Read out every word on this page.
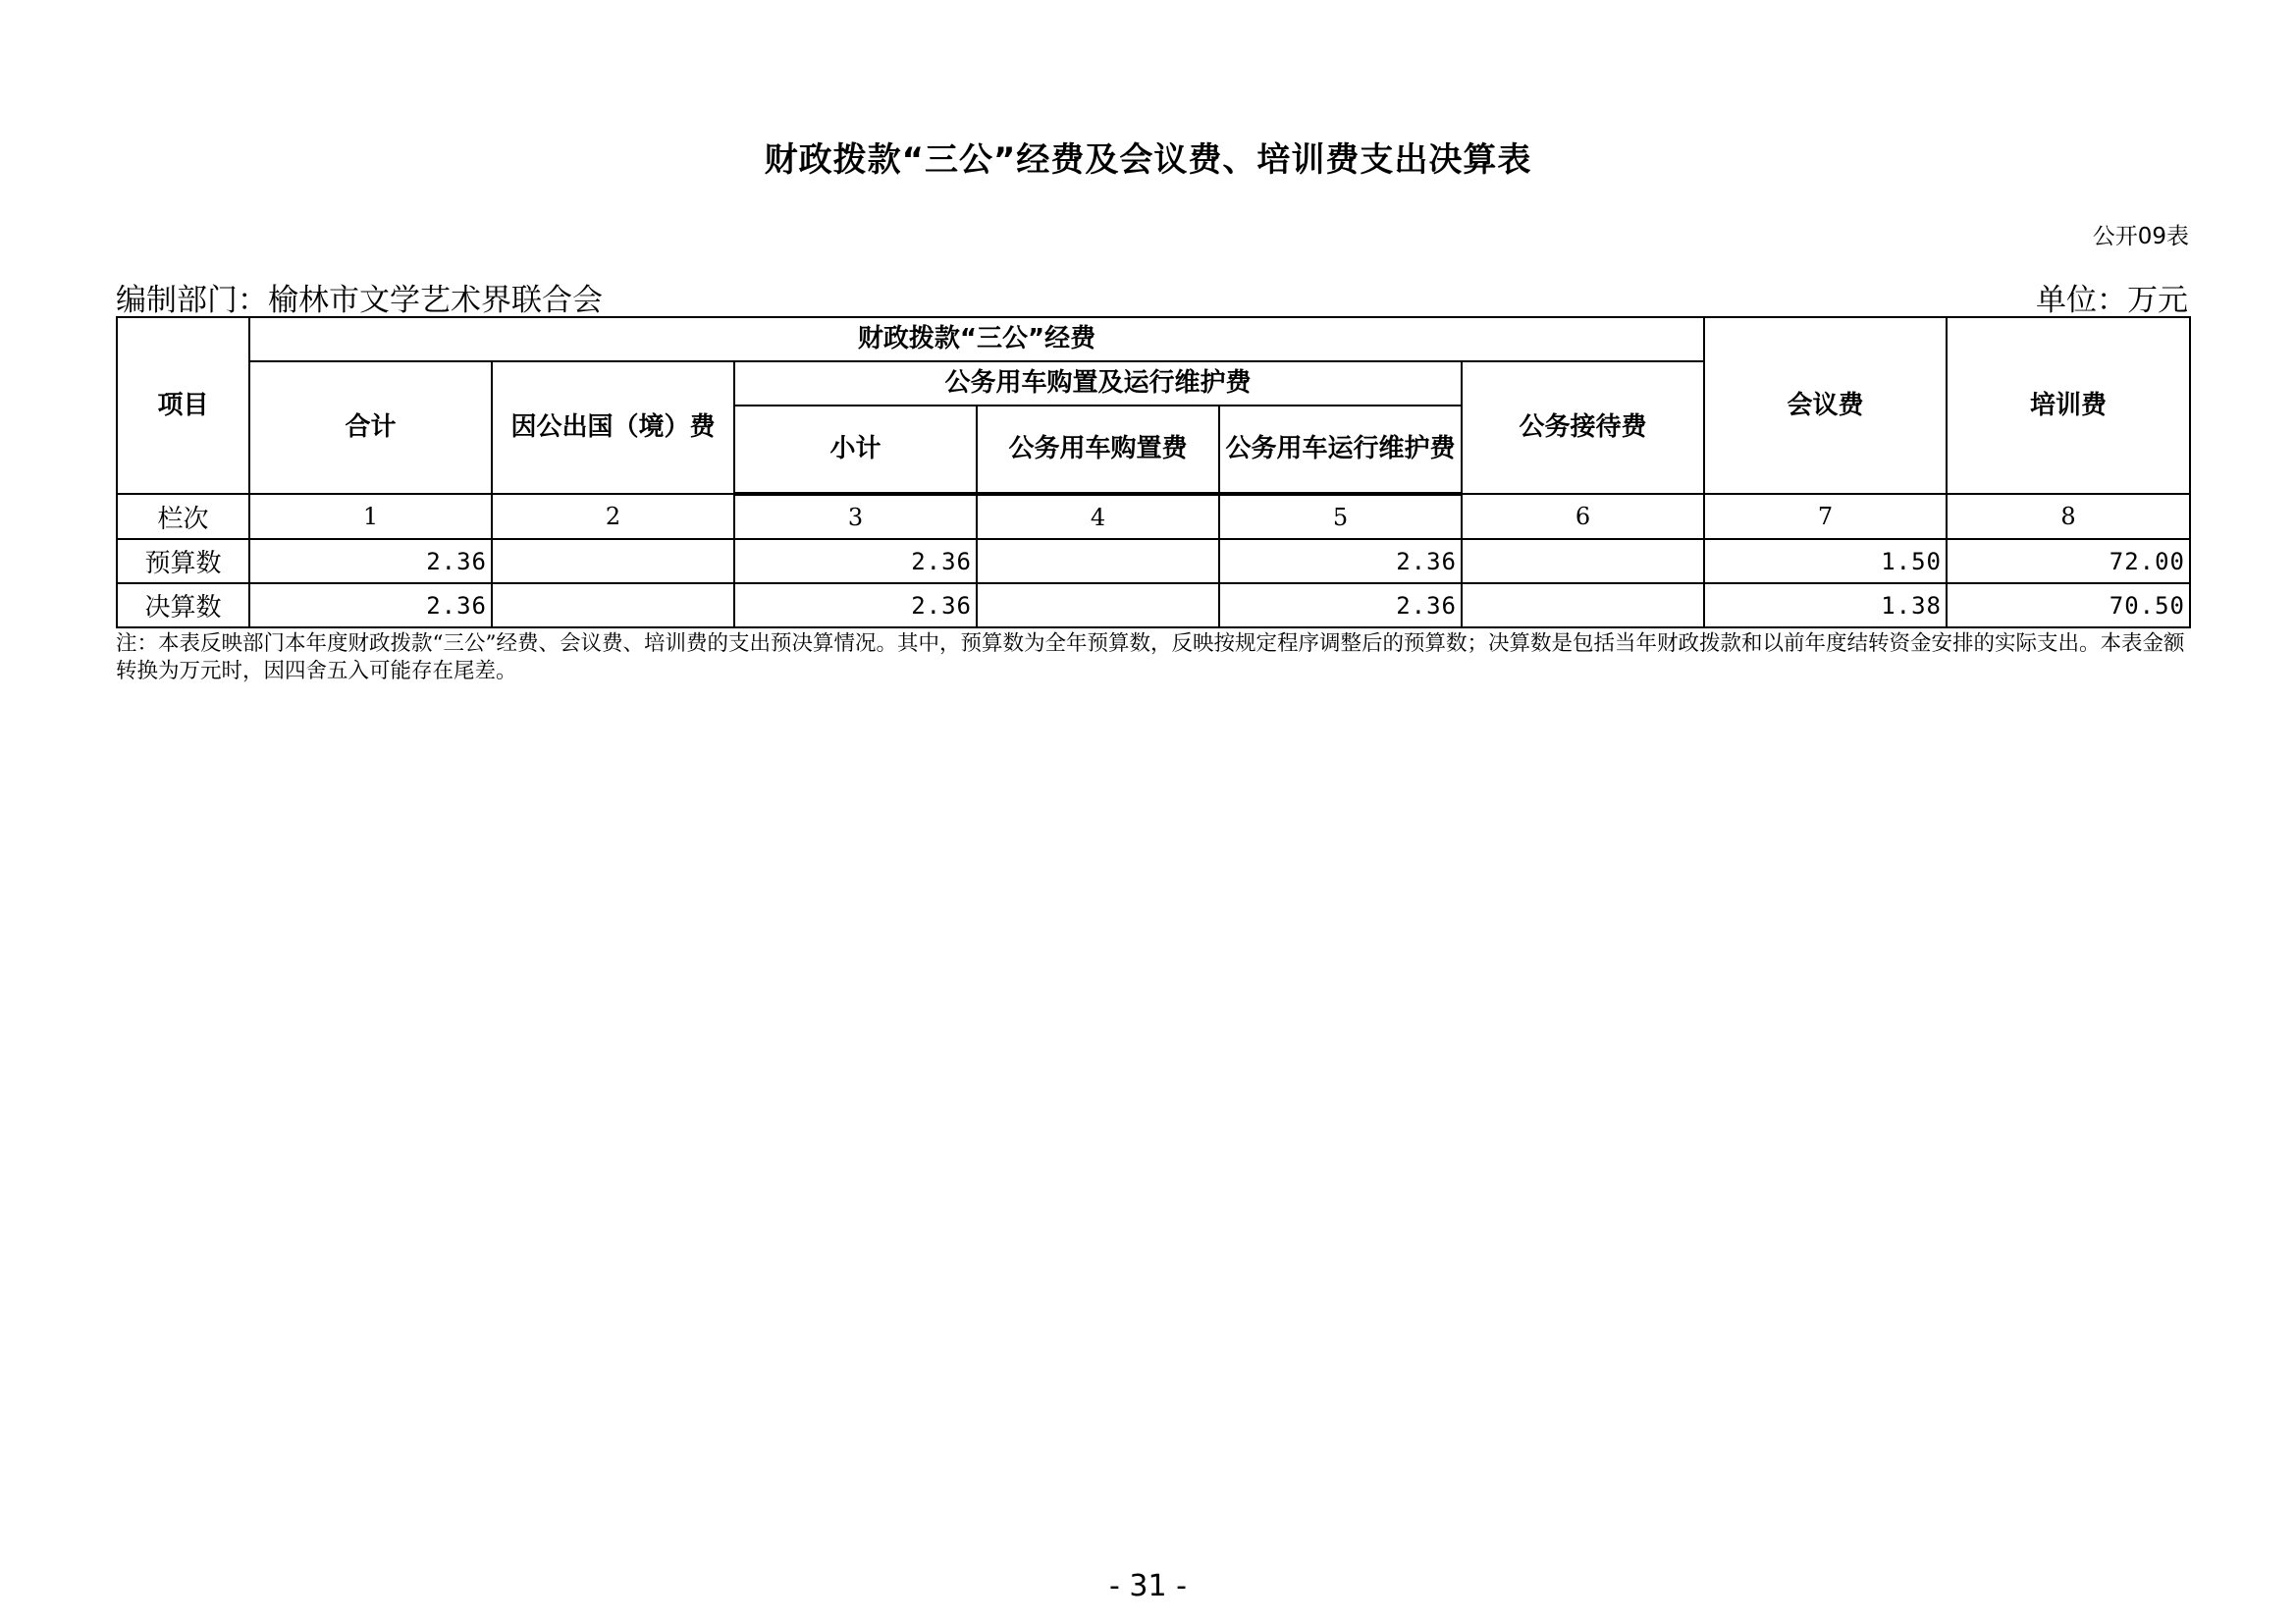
财政拨款“三公”经费及会议费、培训费支出决算表
公开09表
编制部门：榆林市文学艺术界联合会	单位：万元
项目	财政拨款“三公”经费						会议费	培训费
	合计	因公出国（境）费	公务用车购置及运行维护费			公务接待费		
			小计	公务用车购置费	公务用车运行维护费			
栏次	1	2	3	4	5	6	7	8
预算数	2.36		2.36		2.36		1.50	72.00
决算数	2.36		2.36		2.36		1.38	70.50
注：本表反映部门本年度财政拨款“三公”经费、会议费、培训费的支出预决算情况。其中，预算数为全年预算数，反映按规定程序调整后的预算数；决算数是包括当年财政拨款和以前年度结转资金安排的实际支出。本表金额转换为万元时，因四舍五入可能存在尾差。
- 31 -
